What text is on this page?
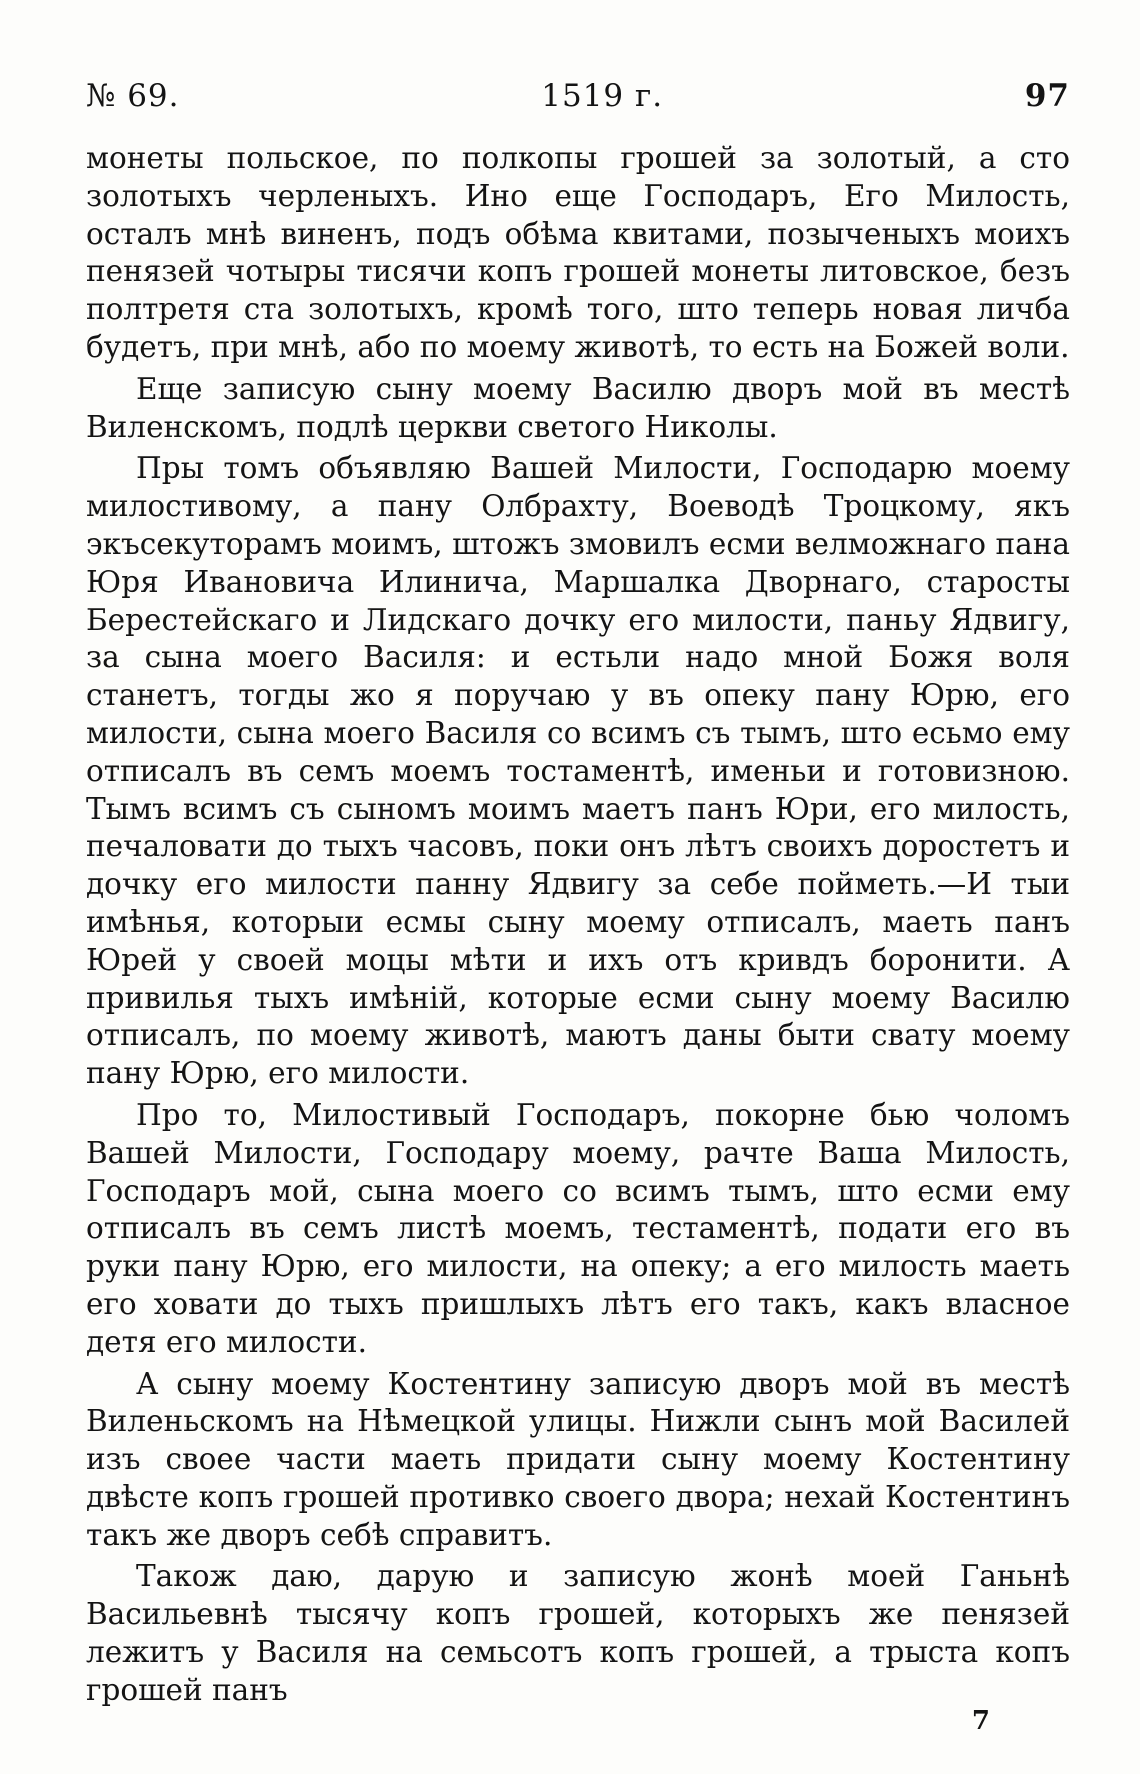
№ 69.	1519 г.	97

монеты польское, по полкопы грошей за золотый, а сто золотыхъ черленыхъ. Ино еще Господаръ, Его Милость, осталъ мнѣ виненъ, подъ обѣма квитами, позыченыхъ моихъ пенязей чотыры тисячи копъ грошей монеты литовское, безъ полтретя ста золотыхъ, кромѣ того, што теперь новая личба будетъ, при мнѣ, або по моему животѣ, то есть на Божей воли.

Еще записую сыну моему Василю дворъ мой въ местѣ Виленскомъ, подлѣ церкви светого Николы.

Пры томъ объявляю Вашей Милости, Господарю моему милостивому, а пану Олбрахту, Воеводѣ Троцкому, якъ экъсекуторамъ моимъ, штожъ змовилъ есми велможнаго пана Юря Ивановича Илинича, Маршалка Дворнаго, старосты Берестейскаго и Лидскаго дочку его милости, паньу Ядвигу, за сына моего Василя: и естьли надо мной Божя воля станетъ, тогды жо я поручаю у въ опеку пану Юрю, его милости, сына моего Василя со всимъ съ тымъ, што есьмо ему отписалъ въ семъ моемъ тостаментѣ, именьи и готовизною. Тымъ всимъ съ сыномъ моимъ маетъ панъ Юри, его милость, печаловати до тыхъ часовъ, поки онъ лѣтъ своихъ доростетъ и дочку его милости панну Ядвигу за себе пойметь.—И тыи имѣнья, которыи есмы сыну моему отписалъ, маеть панъ Юрей у своей моцы мѣти и ихъ отъ кривдъ боронити. А привилья тыхъ имѣній, которые есми сыну моему Василю отписалъ, по моему животѣ, маютъ даны быти свату моему пану Юрю, его милости.

Про то, Милостивый Господаръ, покорне бью чоломъ Вашей Милости, Господару моему, рачте Ваша Милость, Господаръ мой, сына моего со всимъ тымъ, што есми ему отписалъ въ семъ листѣ моемъ, тестаментѣ, подати его въ руки пану Юрю, его милости, на опеку; а его милость маеть его ховати до тыхъ пришлыхъ лѣтъ его такъ, какъ власное детя его милости.

А сыну моему Костентину записую дворъ мой въ местѣ Виленьскомъ на Нѣмецкой улицы. Нижли сынъ мой Василей изъ своее части маеть придати сыну моему Костентину двѣсте копъ грошей противко своего двора; нехай Костентинъ такъ же дворъ себѣ справитъ.

Також даю, дарую и записую жонѣ моей Ганьнѣ Васильевнѣ тысячу копъ грошей, которыхъ же пенязей лежитъ у Василя на семьсотъ копъ грошей, а трыста копъ грошей панъ

7
